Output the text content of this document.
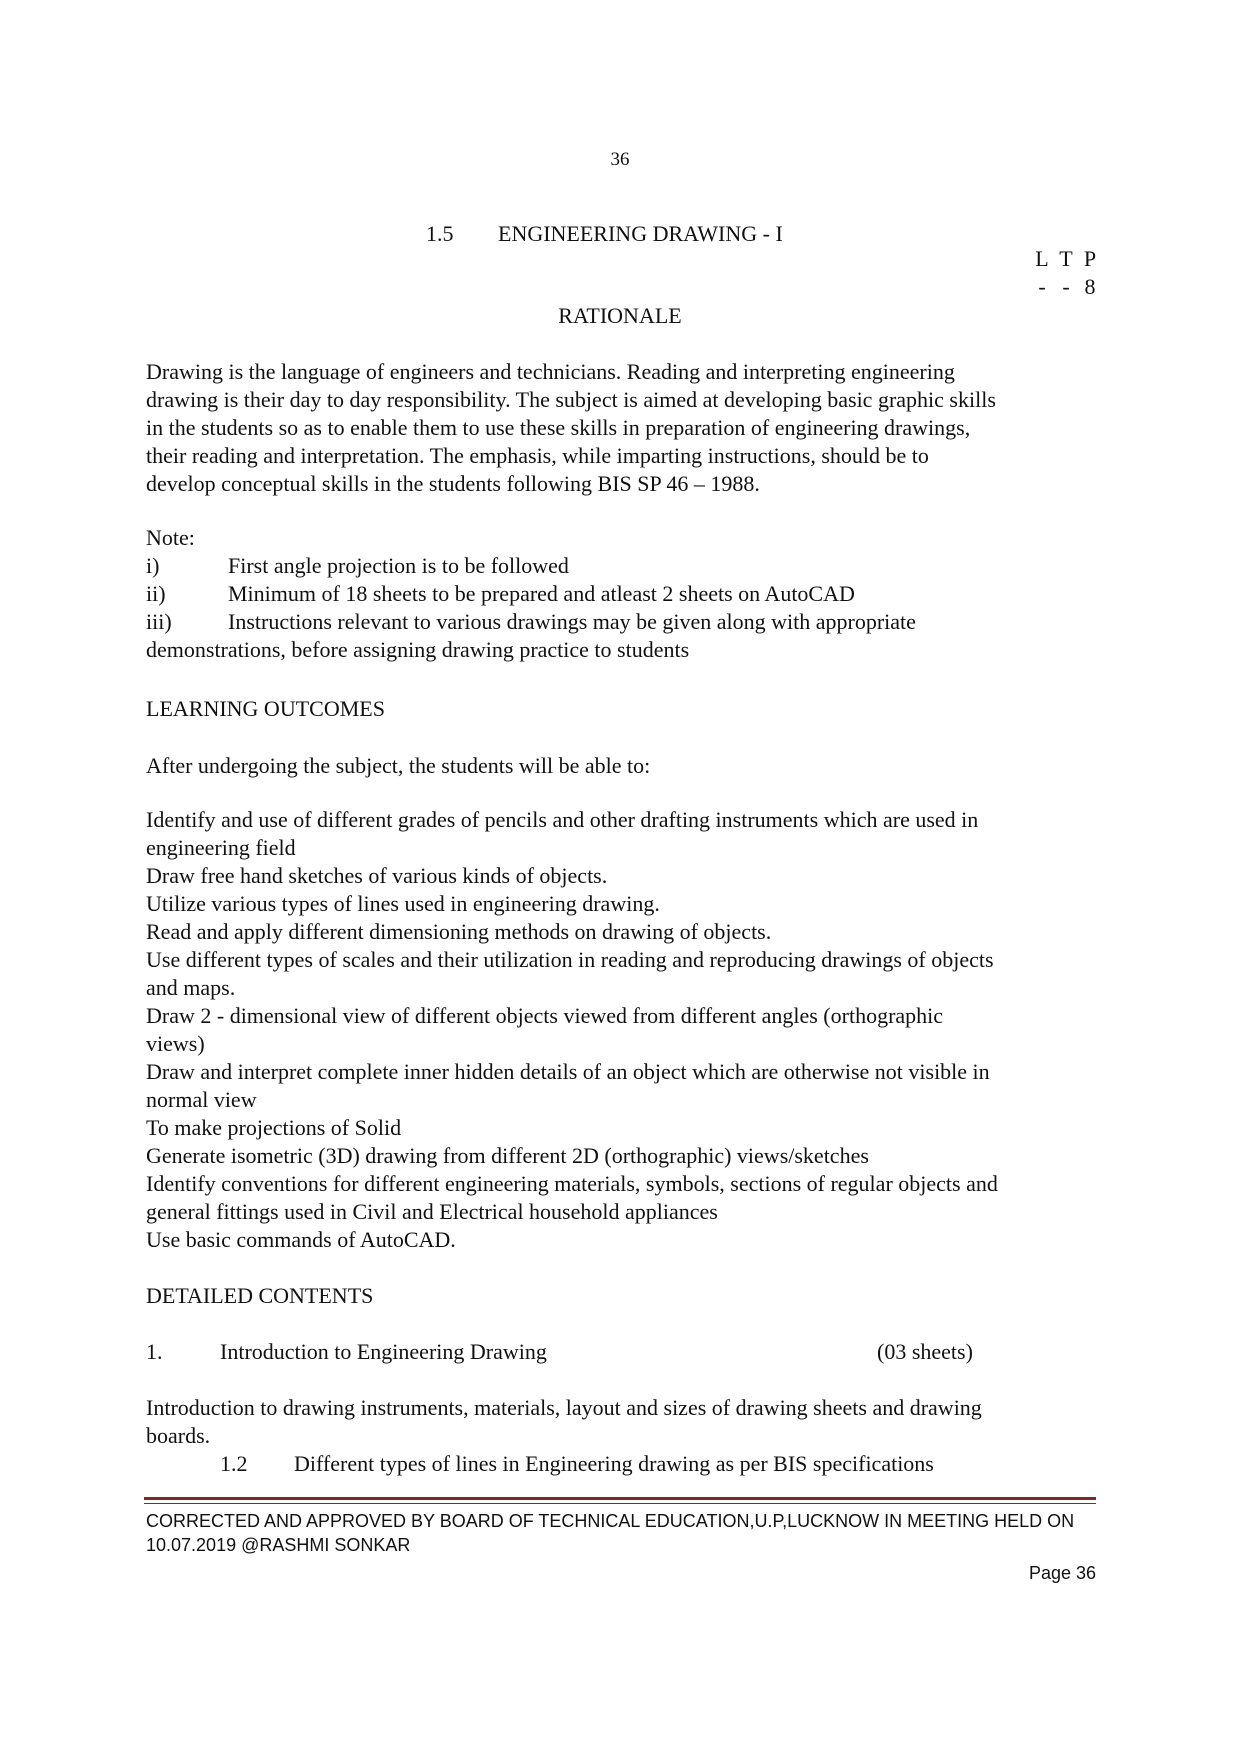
36
1.5 ENGINEERING DRAWING - I
L T P
- - 8
RATIONALE

Drawing is the language of engineers and technicians. Reading and interpreting engineering

drawing is their day to day responsibility. The subject is aimed at developing basic graphic skills

in the students so as to enable them to use these skills in preparation of engineering drawings,

their reading and interpretation. The emphasis, while imparting instructions, should be to

develop conceptual skills in the students following BIS SP 46 – 1988.

Note:

i)	First angle projection is to be followed

ii)	Minimum of 18 sheets to be prepared and atleast 2 sheets on AutoCAD

iii)	Instructions relevant to various drawings may be given along with appropriate

demonstrations, before assigning drawing practice to students

LEARNING OUTCOMES
After undergoing the subject, the students will be able to:

Identify and use of different grades of pencils and other drafting instruments which are used in

engineering field

Draw free hand sketches of various kinds of objects.

Utilize various types of lines used in engineering drawing.

Read and apply different dimensioning methods on drawing of objects.

Use different types of scales and their utilization in reading and reproducing drawings of objects

and maps.

Draw 2 - dimensional view of different objects viewed from different angles (orthographic

views)

Draw and interpret complete inner hidden details of an object which are otherwise not visible in

normal view

To make projections of Solid

Generate isometric (3D) drawing from different 2D (orthographic) views/sketches

Identify conventions for different engineering materials, symbols, sections of regular objects and

general fittings used in Civil and Electrical household appliances

Use basic commands of AutoCAD.

DETAILED CONTENTS
1.	Introduction to Engineering Drawing	(03 sheets)

Introduction to drawing instruments, materials, layout and sizes of drawing sheets and drawing

boards.

1.2 Different types of lines in Engineering drawing as per BIS specifications

CORRECTED AND APPROVED BY BOARD OF TECHNICAL EDUCATION,U.P,LUCKNOW IN MEETING HELD ON

10.07.2019 @RASHMI SONKAR

Page 36
